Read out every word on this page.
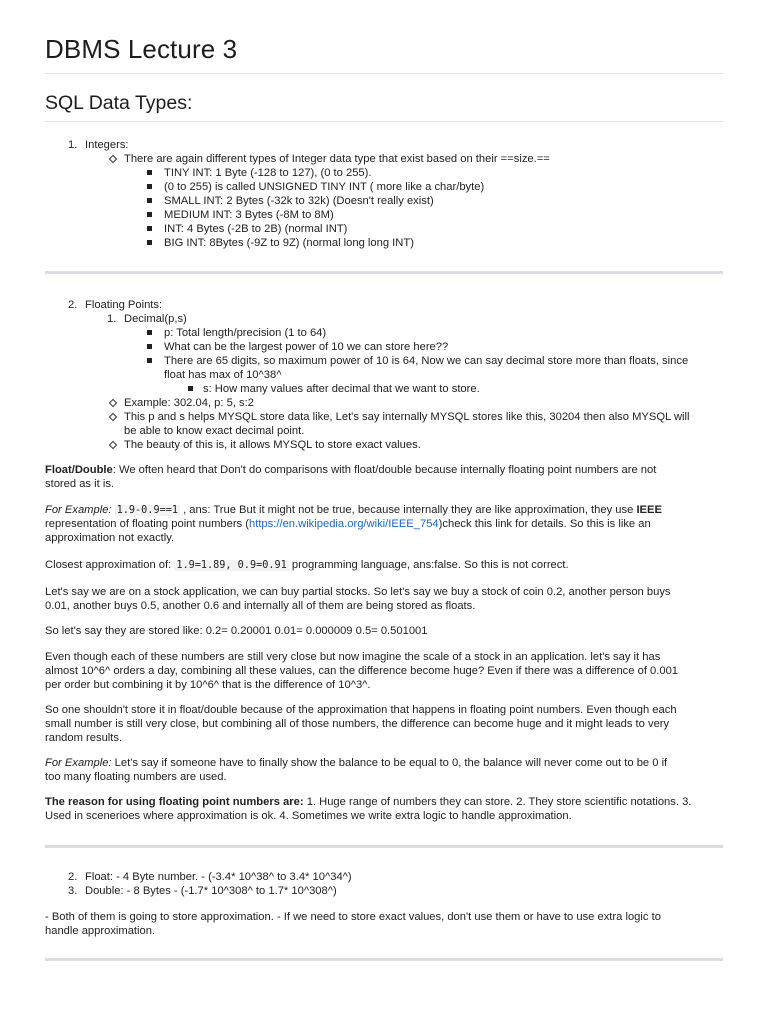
DBMS Lecture 3
SQL Data Types:
1. Integers:
There are again different types of Integer data type that exist based on their ==size.==
TINY INT: 1 Byte (-128 to 127), (0 to 255).
(0 to 255) is called UNSIGNED TINY INT ( more like a char/byte)
SMALL INT: 2 Bytes (-32k to 32k) (Doesn't really exist)
MEDIUM INT: 3 Bytes (-8M to 8M)
INT: 4 Bytes (-2B to 2B) (normal INT)
BIG INT: 8Bytes (-9Z to 9Z) (normal long long INT)
2. Floating Points:
1. Decimal(p,s)
p: Total length/precision (1 to 64)
What can be the largest power of 10 we can store here??
There are 65 digits, so maximum power of 10 is 64, Now we can say decimal store more than floats, since
float has max of 10^38^
s: How many values after decimal that we want to store.
Example: 302.04, p: 5, s:2
This p and s helps MYSQL store data like, Let's say internally MYSQL stores like this, 30204 then also MYSQL will
be able to know exact decimal point.
The beauty of this is, it allows MYSQL to store exact values.
Float/Double: We often heard that Don't do comparisons with float/double because internally floating point numbers are not
stored as it is.
For Example: 1.9-0.9==1 , ans: True But it might not be true, because internally they are like approximation, they use IEEE
representation of floating point numbers (https://en.wikipedia.org/wiki/IEEE_754)check this link for details. So this is like an
approximation not exactly.
Closest approximation of: 1.9=1.89, 0.9=0.91 programming language, ans:false. So this is not correct.
Let's say we are on a stock application, we can buy partial stocks. So let's say we buy a stock of coin 0.2, another person buys
0.01, another buys 0.5, another 0.6 and internally all of them are being stored as floats.
So let's say they are stored like: 0.2= 0.20001 0.01= 0.000009 0.5= 0.501001
Even though each of these numbers are still very close but now imagine the scale of a stock in an application. let's say it has
almost 10^6^ orders a day, combining all these values, can the difference become huge? Even if there was a difference of 0.001
per order but combining it by 10^6^ that is the difference of 10^3^.
So one shouldn't store it in float/double because of the approximation that happens in floating point numbers. Even though each
small number is still very close, but combining all of those numbers, the difference can become huge and it might leads to very
random results.
For Example: Let's say if someone have to finally show the balance to be equal to 0, the balance will never come out to be 0 if
too many floating numbers are used.
The reason for using floating point numbers are: 1. Huge range of numbers they can store. 2. They store scientific notations. 3.
Used in scenerioes where approximation is ok. 4. Sometimes we write extra logic to handle approximation.
2. Float: - 4 Byte number. - (-3.4* 10^38^ to 3.4* 10^34^)
3. Double: - 8 Bytes - (-1.7* 10^308^ to 1.7* 10^308^)
- Both of them is going to store approximation. - If we need to store exact values, don't use them or have to use extra logic to
handle approximation.
